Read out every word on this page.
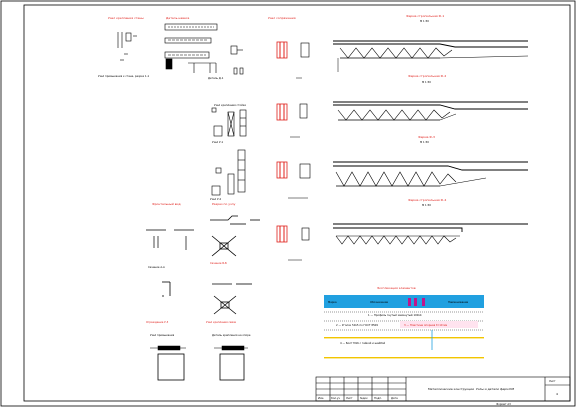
Узел крепления стены	Деталь навеса	Узел сопряжения
Узел примыкания к стене, разрез 1-1
Деталь Д-1
Узел крепления стойки
Узел У-1
Узел У-2
Ферма стропильная Ф-1
М 1:50
Ферма стропильная Ф-2
М 1:50
Ферма Ф-3
М 1:50
Ферма стропильная Ф-4
М 1:50
Фронтальный вид
Сечение А-А
Разрез по узлу
Сечение Б-Б
Ограждение У-3	Узел крепления связи
Узел примыкания	Деталь крепления на опоре
Экспликация элементов
Марка	Обозначение	Наименование
1 — Профиль гнутый замкнутый 100x4
2 — Уголок 50x5 по ГОСТ 8509	3 — Пластина опорная t=10 мм
4 — Болт М16 с гайкой и шайбой
Изм.	Кол.уч Лист	№док Подп.	Дата
Металлические конструкции Узлы и детали ферм КМ
Лист
4
Формат А3
